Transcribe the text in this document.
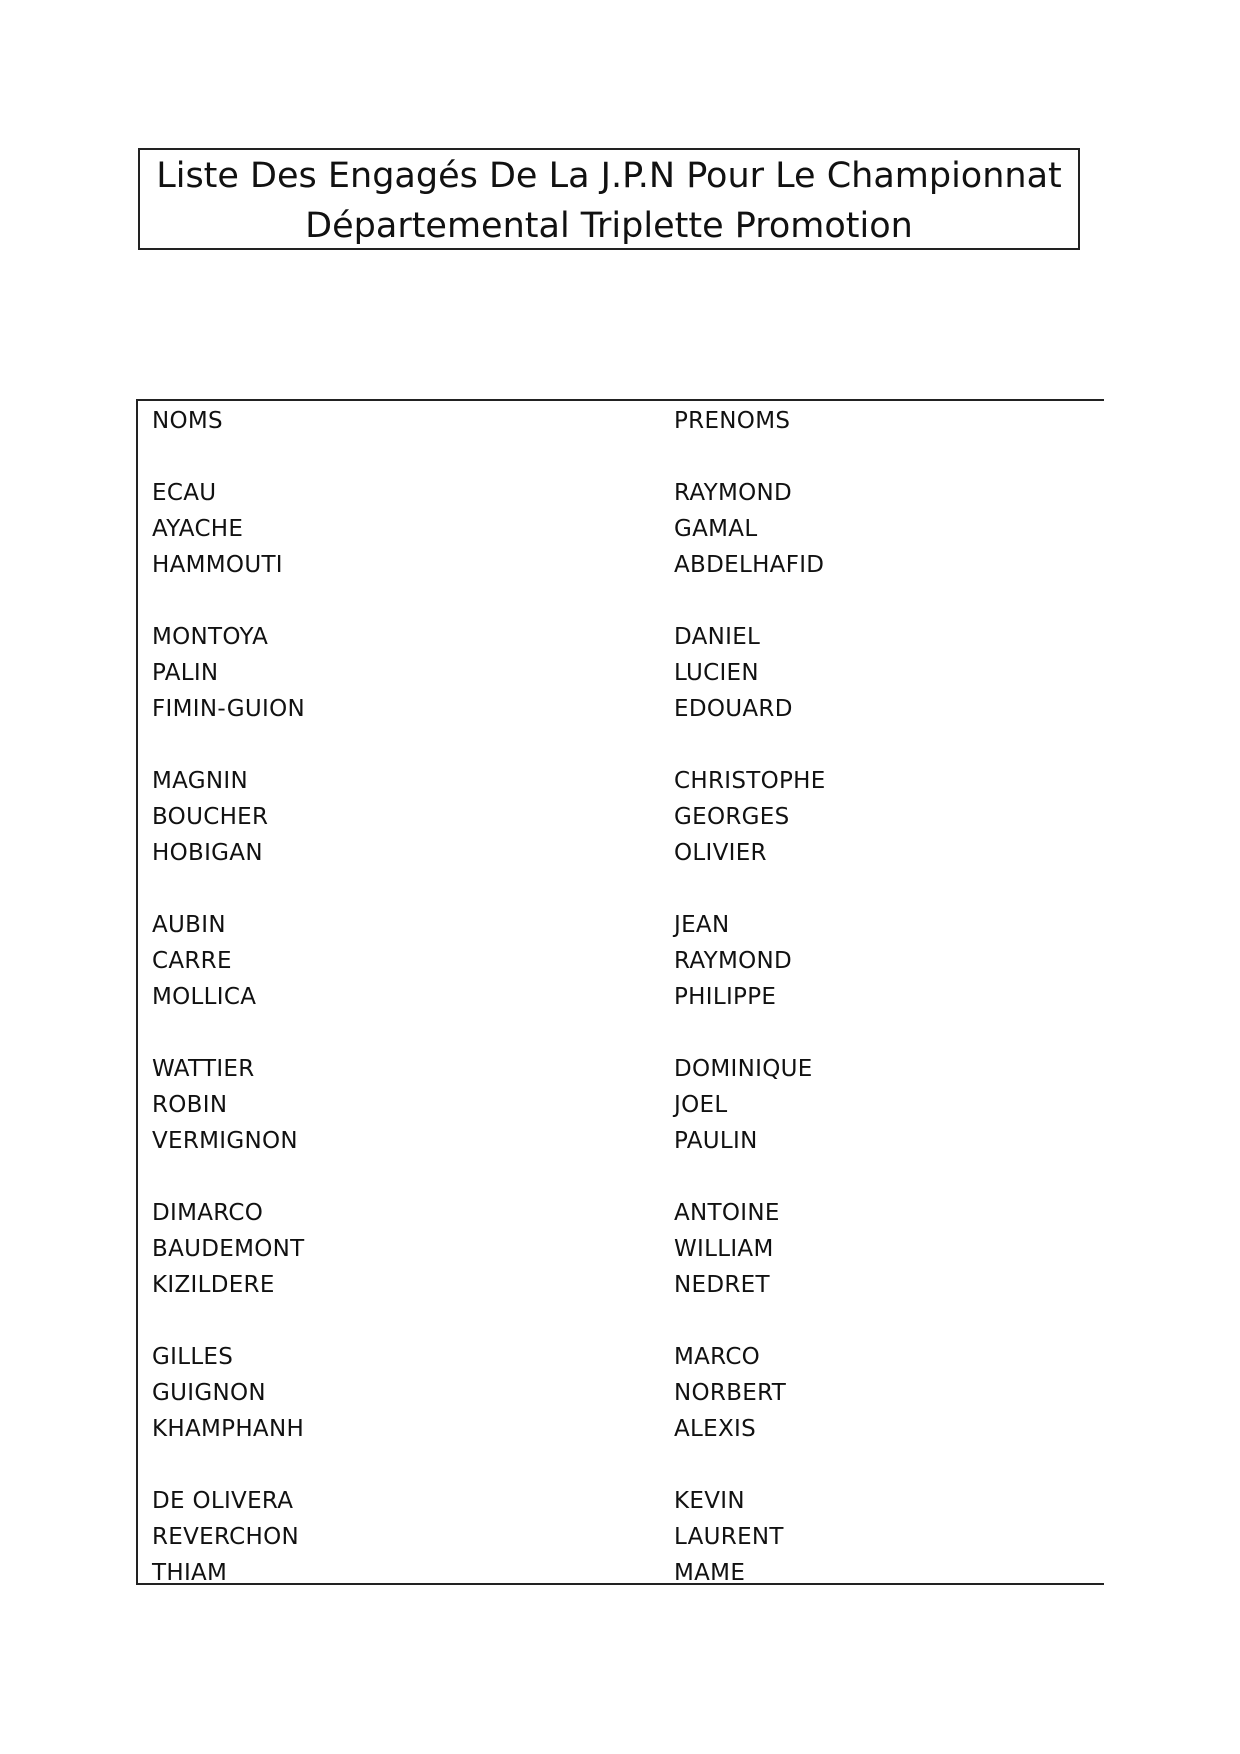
Liste Des Engagés De La J.P.N Pour Le Championnat
Départemental Triplette Promotion
NOMS	PRENOMS
ECAU	RAYMOND
AYACHE	GAMAL
HAMMOUTI	ABDELHAFID
MONTOYA	DANIEL
PALIN	LUCIEN
FIMIN-GUION	EDOUARD
MAGNIN	CHRISTOPHE
BOUCHER	GEORGES
HOBIGAN	OLIVIER
AUBIN	JEAN
CARRE	RAYMOND
MOLLICA	PHILIPPE
WATTIER	DOMINIQUE
ROBIN	JOEL
VERMIGNON	PAULIN
DIMARCO	ANTOINE
BAUDEMONT	WILLIAM
KIZILDERE	NEDRET
GILLES	MARCO
GUIGNON	NORBERT
KHAMPHANH	ALEXIS
DE OLIVERA	KEVIN
REVERCHON	LAURENT
THIAM	MAME
